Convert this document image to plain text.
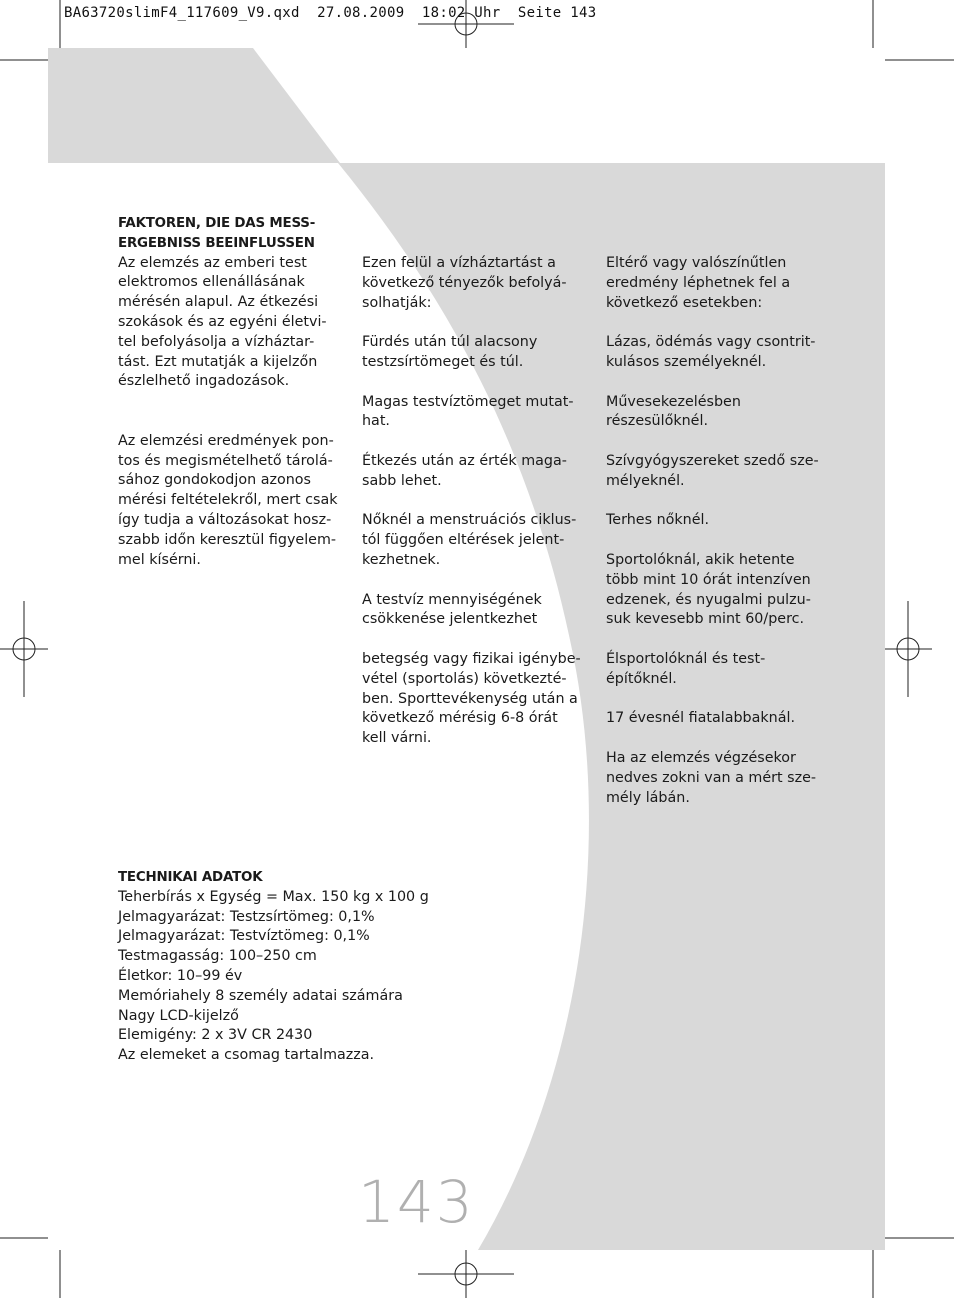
BA63720slimF4_117609_V9.qxd  27.08.2009  18:02 Uhr  Seite 143

FAKTOREN, DIE DAS MESS-
ERGEBNISS BEEINFLUSSEN

Az elemzés az emberi test
elektromos ellenállásának
mérésén alapul. Az étkezési
szokások és az egyéni életvi-
tel befolyásolja a vízháztar-
tást. Ezt mutatják a kijelzőn
észlelhető ingadozások.

Az elemzési eredmények pon-
tos és megismételhető tárolá-
sához gondokodjon azonos
mérési feltételekről, mert csak
így tudja a változásokat hosz-
szabb időn keresztül figyelem-
mel kísérni.

Ezen felül a vízháztartást a
következő tényezők befolyá-
solhatják:

Fürdés után túl alacsony
testzsírtömeget és túl.

Magas testvíztömeget mutat-
hat.

Étkezés után az érték maga-
sabb lehet.

Nőknél a menstruációs ciklus-
tól függően eltérések jelent-
kezhetnek.

A testvíz mennyiségének
csökkenése jelentkezhet

betegség vagy fizikai igénybe-
vétel (sportolás) következté-
ben. Sporttevékenység után a
következő mérésig 6-8 órát
kell várni.

Eltérő vagy valószínűtlen
eredmény léphetnek fel a
következő esetekben:

Lázas, ödémás vagy csontrit-
kulásos személyeknél.

Művesekezelésben
részesülőknél.

Szívgyógyszereket szedő sze-
mélyeknél.

Terhes nőknél.

Sportolóknál, akik hetente
több mint 10 órát intenzíven
edzenek, és nyugalmi pulzu-
suk kevesebb mint 60/perc.

Élsportolóknál és test-
építőknél.

17 évesnél fiatalabbaknál.

Ha az elemzés végzésekor
nedves zokni van a mért sze-
mély lábán.

TECHNIKAI ADATOK

Teherbírás x Egység = Max. 150 kg x 100 g

Jelmagyarázat: Testzsírtömeg: 0,1%

Jelmagyarázat: Testvíztömeg: 0,1%

Testmagasság: 100–250 cm

Életkor: 10–99 év

Memóriahely 8 személy adatai számára

Nagy LCD-kijelző

Elemigény: 2 x 3V CR 2430

Az elemeket a csomag tartalmazza.

143
